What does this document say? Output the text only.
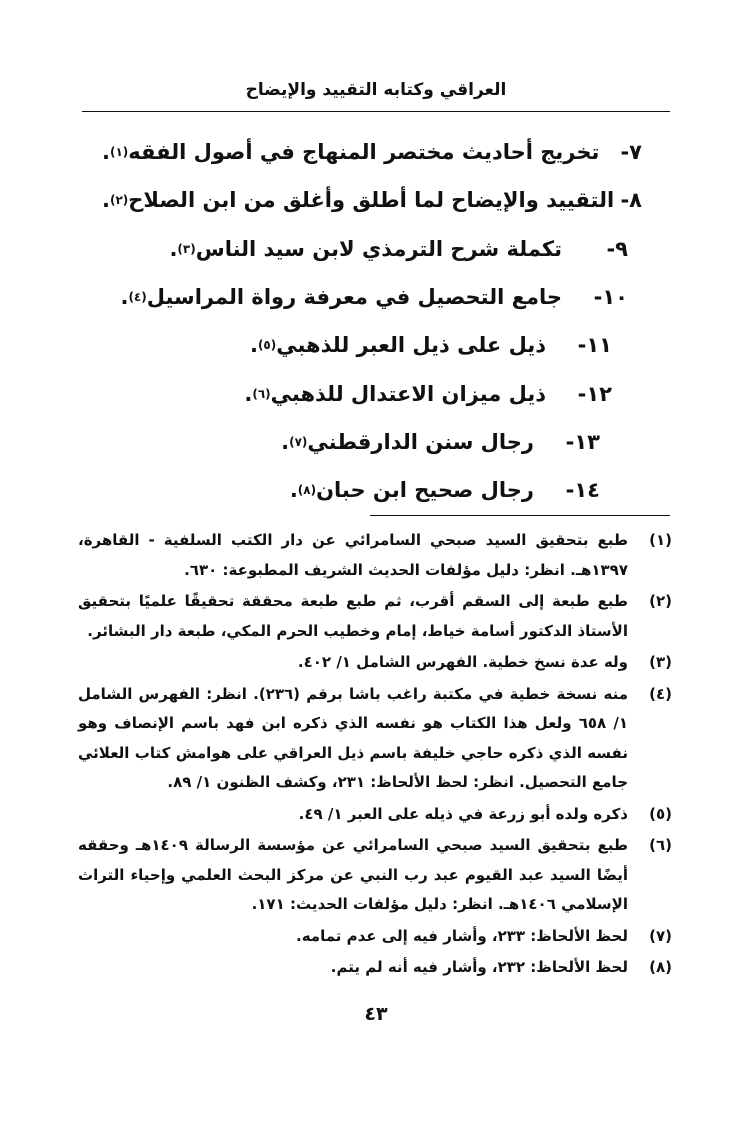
العراقي وكتابه التقييد والإيضاح
٧-
تخريج أحاديث مختصر المنهاج في أصول الفقه
(١)
.
٨-
التقييد والإيضاح لما أطلق وأغلق من ابن الصلاح
(٢)
.
٩-
تكملة شرح الترمذي لابن سيد الناس
(٣)
.
١٠-
جامع التحصيل في معرفة رواة المراسيل
(٤)
.
١١-
ذيل على ذيل العبر للذهبي
(٥)
.
١٢-
ذيل ميزان الاعتدال للذهبي
(٦)
.
١٣-
رجال سنن الدارقطني
(٧)
.
١٤-
رجال صحيح ابن حبان
(٨)
.
(١)
طبع بتحقيق السيد صبحي السامرائي عن دار الكتب السلفية - القاهرة، ١٣٩٧هـ. انظر: دليل مؤلفات الحديث الشريف المطبوعة: ٦٣٠.
(٢)
طبع طبعة إلى السقم أقرب، ثم طبع طبعة محققة تحقيقًا علميًا بتحقيق الأستاذ الدكتور أسامة خياط، إمام وخطيب الحرم المكي، طبعة دار البشائر.
(٣)
وله عدة نسخ خطية. الفهرس الشامل ١/ ٤٠٢.
(٤)
منه نسخة خطية في مكتبة راغب باشا برقم (٢٣٦). انظر: الفهرس الشامل ١/ ٦٥٨ ولعل هذا الكتاب هو نفسه الذي ذكره ابن فهد باسم الإنصاف وهو نفسه الذي ذكره حاجي خليفة باسم ذيل العراقي على هوامش كتاب العلائي جامع التحصيل. انظر: لحظ الألحاظ: ٢٣١، وكشف الظنون ١/ ٨٩.
(٥)
ذكره ولده أبو زرعة في ذيله على العبر ١/ ٤٩.
(٦)
طبع بتحقيق السيد صبحي السامرائي عن مؤسسة الرسالة ١٤٠٩هـ وحققه أيضًا السيد عبد القيوم عبد رب النبي عن مركز البحث العلمي وإحياء التراث الإسلامي ١٤٠٦هـ. انظر: دليل مؤلفات الحديث: ١٧١.
(٧)
لحظ الألحاظ: ٢٣٣، وأشار فيه إلى عدم تمامه.
(٨)
لحظ الألحاظ: ٢٣٢، وأشار فيه أنه لم يتم.
٤٣
